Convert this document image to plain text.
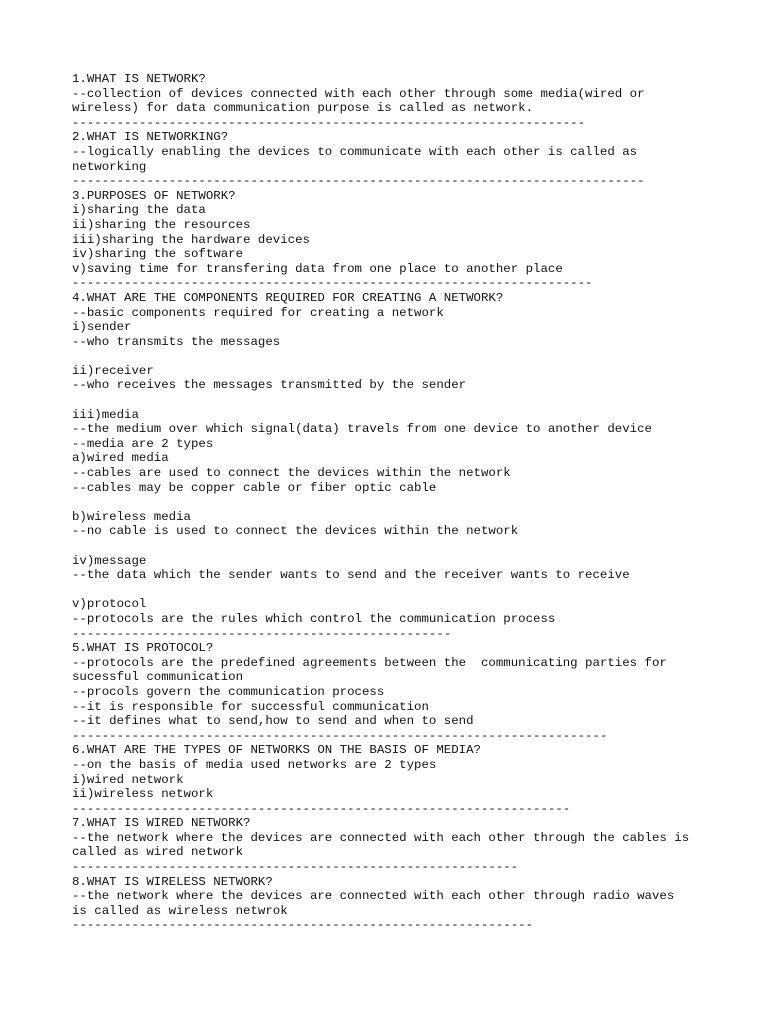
1.WHAT IS NETWORK?
--collection of devices connected with each other through some media(wired or
wireless) for data communication purpose is called as network.
---------------------------------------------------------------------
2.WHAT IS NETWORKING?
--logically enabling the devices to communicate with each other is called as
networking
-----------------------------------------------------------------------------
3.PURPOSES OF NETWORK?
i)sharing the data
ii)sharing the resources
iii)sharing the hardware devices
iv)sharing the software
v)saving time for transfering data from one place to another place
----------------------------------------------------------------------
4.WHAT ARE THE COMPONENTS REQUIRED FOR CREATING A NETWORK?
--basic components required for creating a network
i)sender
--who transmits the messages
ii)receiver
--who receives the messages transmitted by the sender
iii)media
--the medium over which signal(data) travels from one device to another device
--media are 2 types
a)wired media
--cables are used to connect the devices within the network
--cables may be copper cable or fiber optic cable
b)wireless media
--no cable is used to connect the devices within the network
iv)message
--the data which the sender wants to send and the receiver wants to receive
v)protocol
--protocols are the rules which control the communication process
---------------------------------------------------
5.WHAT IS PROTOCOL?
--protocols are the predefined agreements between the  communicating parties for
sucessful communication
--procols govern the communication process
--it is responsible for successful communication
--it defines what to send,how to send and when to send
------------------------------------------------------------------------
6.WHAT ARE THE TYPES OF NETWORKS ON THE BASIS OF MEDIA?
--on the basis of media used networks are 2 types
i)wired network
ii)wireless network
-------------------------------------------------------------------
7.WHAT IS WIRED NETWORK?
--the network where the devices are connected with each other through the cables is
called as wired network
------------------------------------------------------------
8.WHAT IS WIRELESS NETWORK?
--the network where the devices are connected with each other through radio waves
is called as wireless netwrok
--------------------------------------------------------------
